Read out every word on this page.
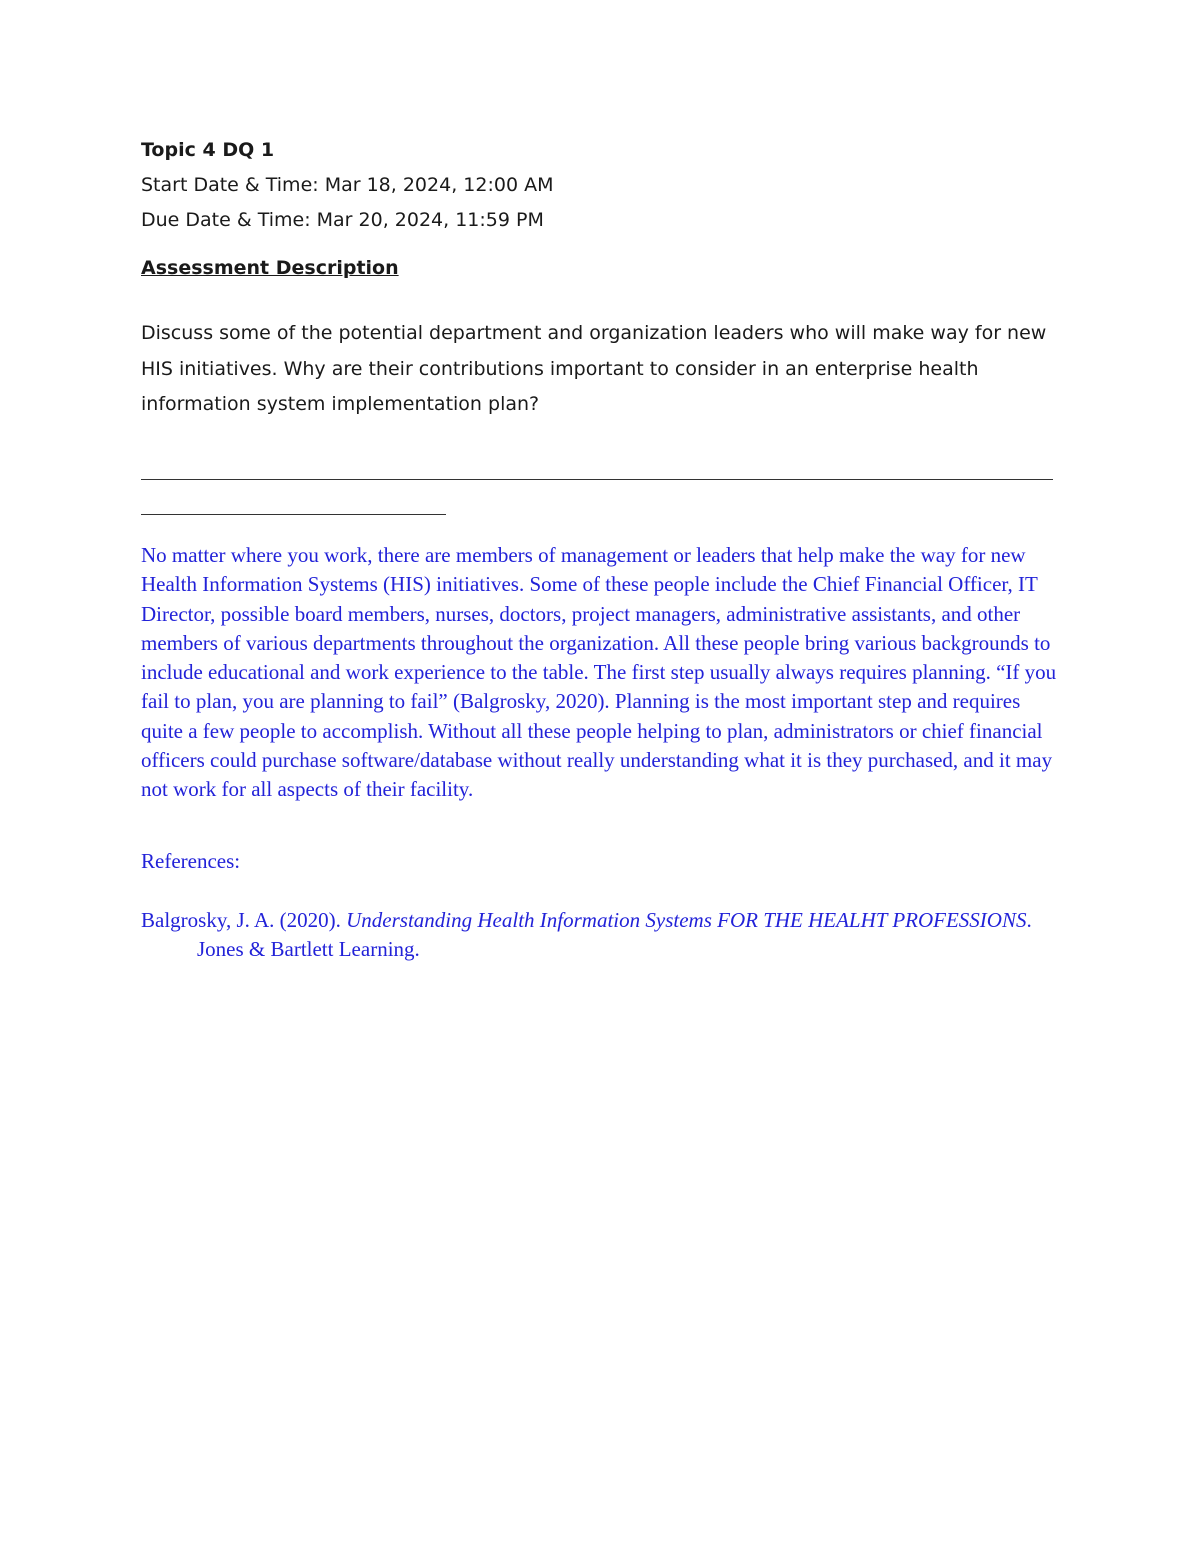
Topic 4 DQ 1

Start Date & Time: Mar 18, 2024, 12:00 AM

Due Date & Time: Mar 20, 2024, 11:59 PM

Assessment Description

Discuss some of the potential department and organization leaders who will make way for new HIS initiatives. Why are their contributions important to consider in an enterprise health information system implementation plan?

No matter where you work, there are members of management or leaders that help make the way for new Health Information Systems (HIS) initiatives. Some of these people include the Chief Financial Officer, IT Director, possible board members, nurses, doctors, project managers, administrative assistants, and other members of various departments throughout the organization. All these people bring various backgrounds to include educational and work experience to the table. The first step usually always requires planning. “If you fail to plan, you are planning to fail” (Balgrosky, 2020). Planning is the most important step and requires quite a few people to accomplish. Without all these people helping to plan, administrators or chief financial officers could purchase software/database without really understanding what it is they purchased, and it may not work for all aspects of their facility.

References:

Balgrosky, J. A. (2020). Understanding Health Information Systems FOR THE HEALHT PROFESSIONS. Jones & Bartlett Learning.
